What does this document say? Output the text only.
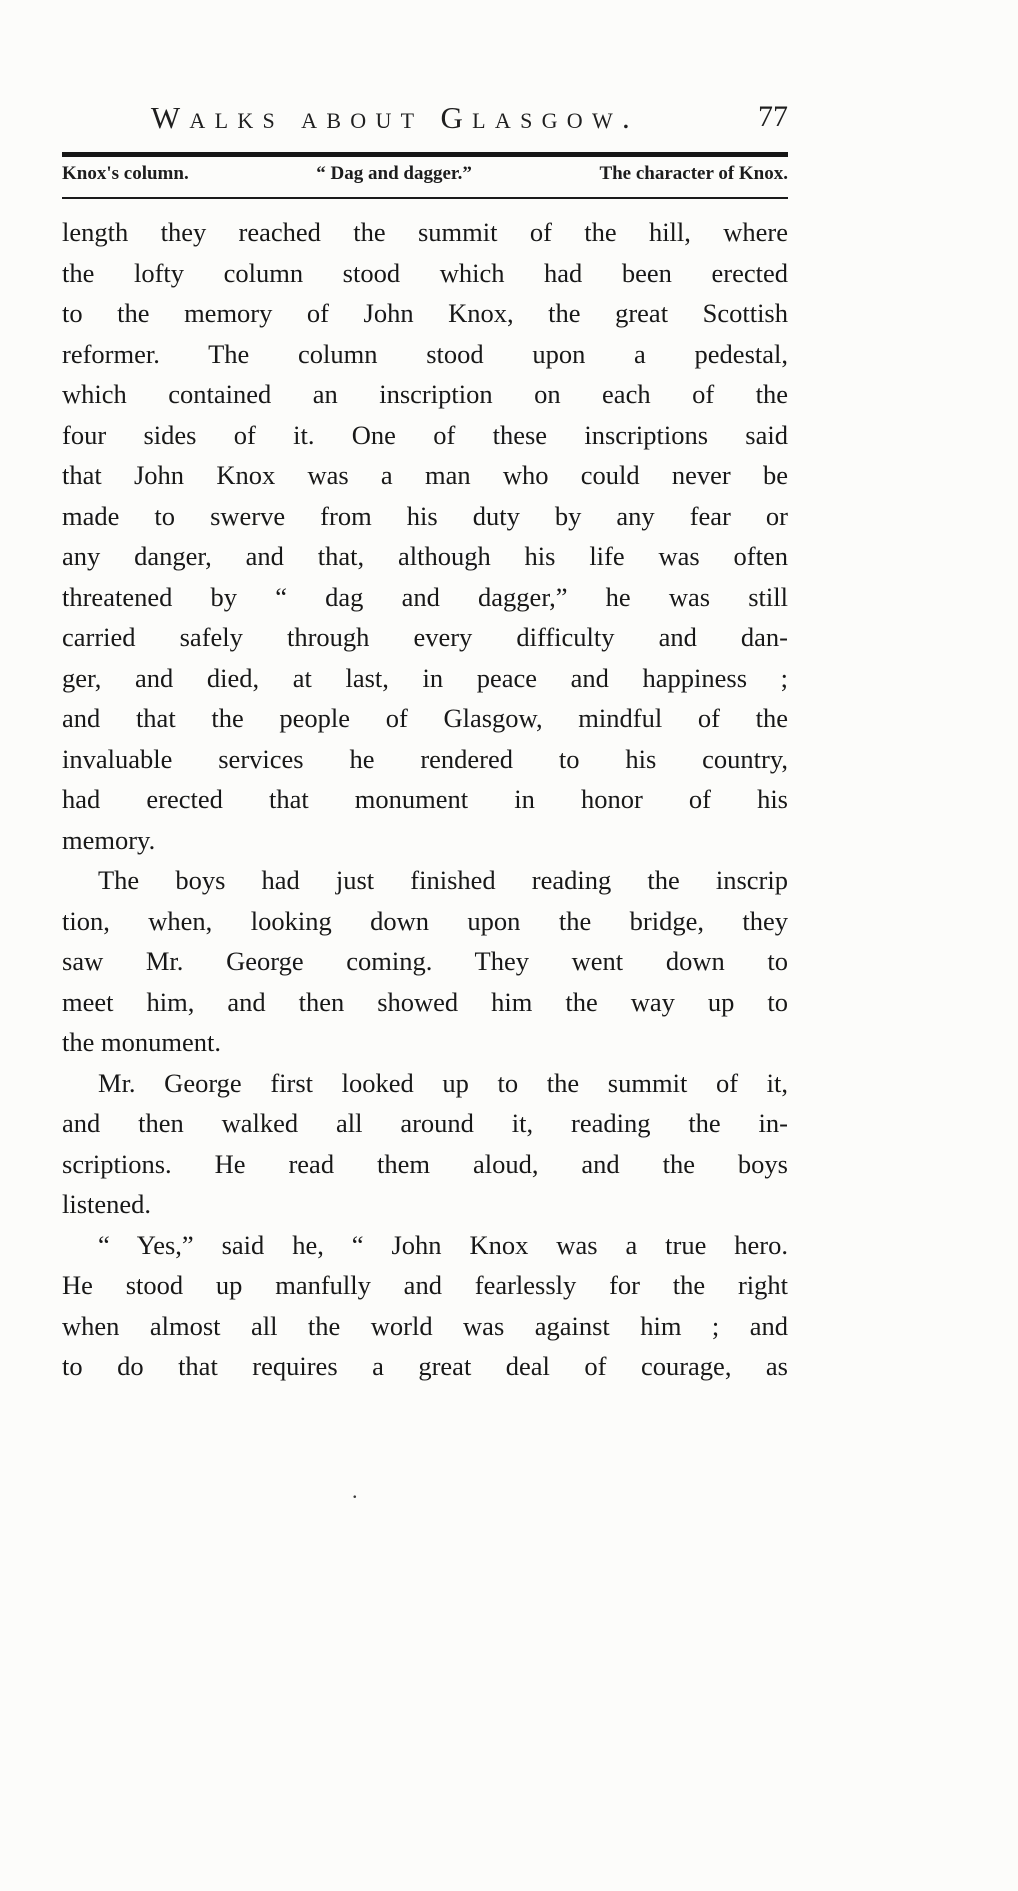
Walks about Glasgow.	77
Knox's column.	“ Dag and dagger.”	The character of Knox.
length they reached the summit of the hill, where
the lofty column stood which had been erected
to the memory of John Knox, the great Scottish
reformer. The column stood upon a pedestal,
which contained an inscription on each of the
four sides of it. One of these inscriptions said
that John Knox was a man who could never be
made to swerve from his duty by any fear or
any danger, and that, although his life was often
threatened by “ dag and dagger,” he was still
carried safely through every difficulty and dan-
ger, and died, at last, in peace and happiness ;
and that the people of Glasgow, mindful of the
invaluable services he rendered to his country,
had erected that monument in honor of his
memory.
The boys had just finished reading the inscrip
tion, when, looking down upon the bridge, they
saw Mr. George coming. They went down to
meet him, and then showed him the way up to
the monument.
Mr. George first looked up to the summit of it,
and then walked all around it, reading the in-
scriptions. He read them aloud, and the boys
listened.
“ Yes,” said he, “ John Knox was a true hero.
He stood up manfully and fearlessly for the right
when almost all the world was against him ; and
to do that requires a great deal of courage, as
.
